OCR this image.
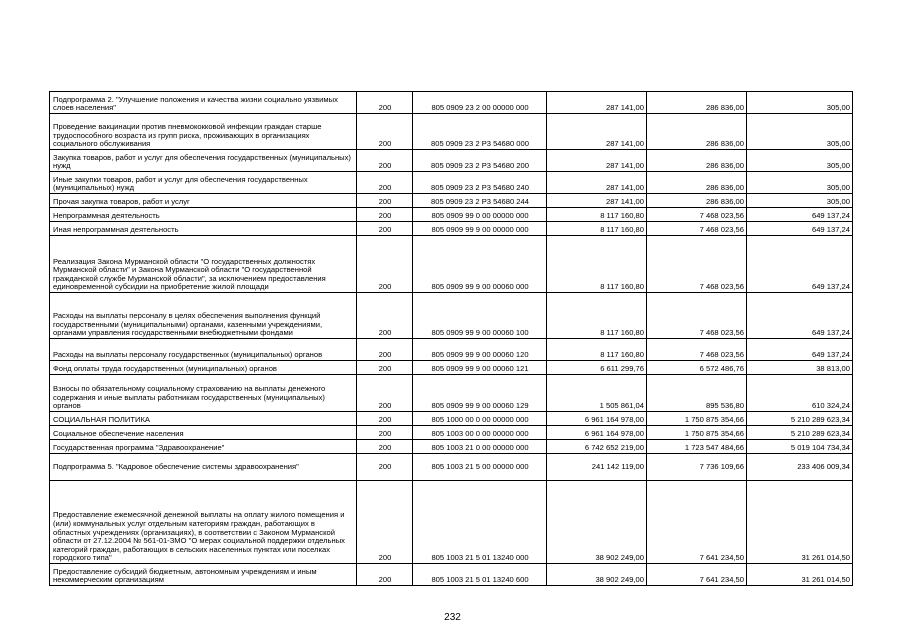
Подпрограмма 2. "Улучшение положения и качества жизни социально уязвимых слоев населения"	200	805 0909 23 2 00 00000 000	287 141,00	286 836,00	305,00
Проведение вакцинации против пневмококковой инфекции граждан старше трудоспособного возраста из групп риска, проживающих в организациях социального обслуживания	200	805 0909 23 2 P3 54680 000	287 141,00	286 836,00	305,00
Закупка товаров, работ и услуг для обеспечения государственных (муниципальных) нужд	200	805 0909 23 2 P3 54680 200	287 141,00	286 836,00	305,00
Иные закупки товаров, работ и услуг для обеспечения государственных (муниципальных) нужд	200	805 0909 23 2 P3 54680 240	287 141,00	286 836,00	305,00
Прочая закупка товаров, работ и услуг	200	805 0909 23 2 P3 54680 244	287 141,00	286 836,00	305,00
Непрограммная деятельность	200	805 0909 99 0 00 00000 000	8 117 160,80	7 468 023,56	649 137,24
Иная непрограммная деятельность	200	805 0909 99 9 00 00000 000	8 117 160,80	7 468 023,56	649 137,24
Реализация Закона Мурманской области "О государственных должностях Мурманской области" и Закона Мурманской области "О государственной гражданской службе Мурманской области", за исключением предоставления единовременной субсидии на приобретение жилой площади	200	805 0909 99 9 00 00060 000	8 117 160,80	7 468 023,56	649 137,24
Расходы на выплаты персоналу в целях обеспечения выполнения функций государственными (муниципальными) органами, казенными учреждениями, органами управления государственными внебюджетными фондами	200	805 0909 99 9 00 00060 100	8 117 160,80	7 468 023,56	649 137,24
Расходы на выплаты персоналу государственных (муниципальных) органов	200	805 0909 99 9 00 00060 120	8 117 160,80	7 468 023,56	649 137,24
Фонд оплаты труда государственных (муниципальных) органов	200	805 0909 99 9 00 00060 121	6 611 299,76	6 572 486,76	38 813,00
Взносы по обязательному социальному страхованию на выплаты денежного содержания и иные выплаты работникам государственных (муниципальных) органов	200	805 0909 99 9 00 00060 129	1 505 861,04	895 536,80	610 324,24
СОЦИАЛЬНАЯ ПОЛИТИКА	200	805 1000 00 0 00 00000 000	6 961 164 978,00	1 750 875 354,66	5 210 289 623,34
Социальное обеспечение населения	200	805 1003 00 0 00 00000 000	6 961 164 978,00	1 750 875 354,66	5 210 289 623,34
Государственная программа "Здравоохранение"	200	805 1003 21 0 00 00000 000	6 742 652 219,00	1 723 547 484,66	5 019 104 734,34
Подпрограмма 5. "Кадровое обеспечение системы здравоохранения"	200	805 1003 21 5 00 00000 000	241 142 119,00	7 736 109,66	233 406 009,34
Предоставление ежемесячной денежной выплаты на оплату жилого помещения и (или) коммунальных услуг отдельным категориям граждан, работающих в областных учреждениях (организациях), в соответствии с Законом Мурманской области от 27.12.2004 № 561-01-ЗМО "О мерах социальной поддержки отдельных категорий граждан, работающих в сельских населенных пунктах или поселках городского типа"	200	805 1003 21 5 01 13240 000	38 902 249,00	7 641 234,50	31 261 014,50
Предоставление субсидий бюджетным, автономным учреждениям и иным некоммерческим организациям	200	805 1003 21 5 01 13240 600	38 902 249,00	7 641 234,50	31 261 014,50
232
